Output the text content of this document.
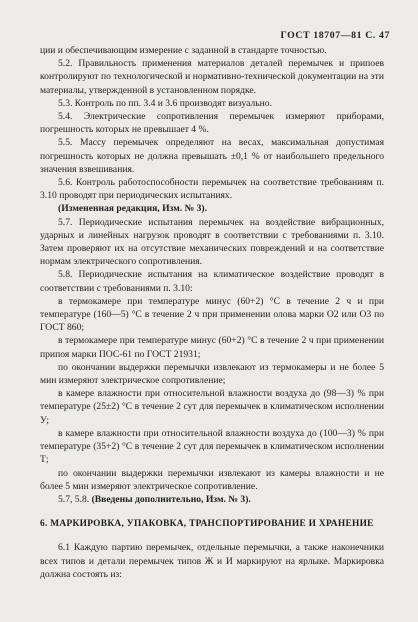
ГОСТ 18707—81 С. 47

ции и обеспечивающим измерение с заданной в стандарте точностью.

5.2. Правильность применения материалов деталей перемычек и припоев контролируют по технологической и нормативно-технической документации на эти материалы, утвержденной в установленном порядке.

5.3. Контроль по пп. 3.4 и 3.6 производят визуально.

5.4. Электрические сопротивления перемычек измеряют приборами, погрешность которых не превышает 4 %.

5.5. Массу перемычек определяют на весах, максимальная допустимая погрешность которых не должна превышать ±0,1 % от наибольшего предельного значения взвешивания.

5.6. Контроль работоспособности перемычек на соответствие требованиям п. 3.10 проводят при периодических испытаниях.

(Измененная редакция, Изм. № 3).

5.7. Периодические испытания перемычек на воздействие вибрационных, ударных и линейных нагрузок проводят в соответствии с требованиями п. 3.10. Затем проверяют их на отсутствие механических повреждений и на соответствие нормам электрического сопротивления.

5.8. Периодические испытания на климатическое воздействие проводят в соответствии с требованиями п. 3.10:

в термокамере при температуре минус (60+2) °C в течение 2 ч и при температуре (160—5) °C в течение 2 ч при применении олова марки О2 или О3 по ГОСТ 860;

в термокамере при температуре минус (60+2) °C в течение 2 ч при применении припоя марки ПОС-61 по ГОСТ 21931;

по окончании выдержки перемычки извлекают из термокамеры и не более 5 мин измеряют электрическое сопротивление;

в камере влажности при относительной влажности воздуха до (98—3) % при температуре (25±2) °C в течение 2 сут для перемычек в климатическом исполнении У;

в камере влажности при относительной влажности воздуха до (100—3) % при температуре (35+2) °C в течение 2 сут для перемычек в климатическом исполнении Т;

по окончании выдержки перемычки извлекают из камеры влажности и не более 5 мин измеряют электрическое сопротивление.

5.7, 5.8. (Введены дополнительно, Изм. № 3).

6. МАРКИРОВКА, УПАКОВКА, ТРАНСПОРТИРОВАНИЕ И ХРАНЕНИЕ

6.1 Каждую партию перемычек, отдельные перемычки, а также наконечники всех типов и детали перемычек типов Ж и И маркируют на ярлыке. Маркировка должна состоять из:
